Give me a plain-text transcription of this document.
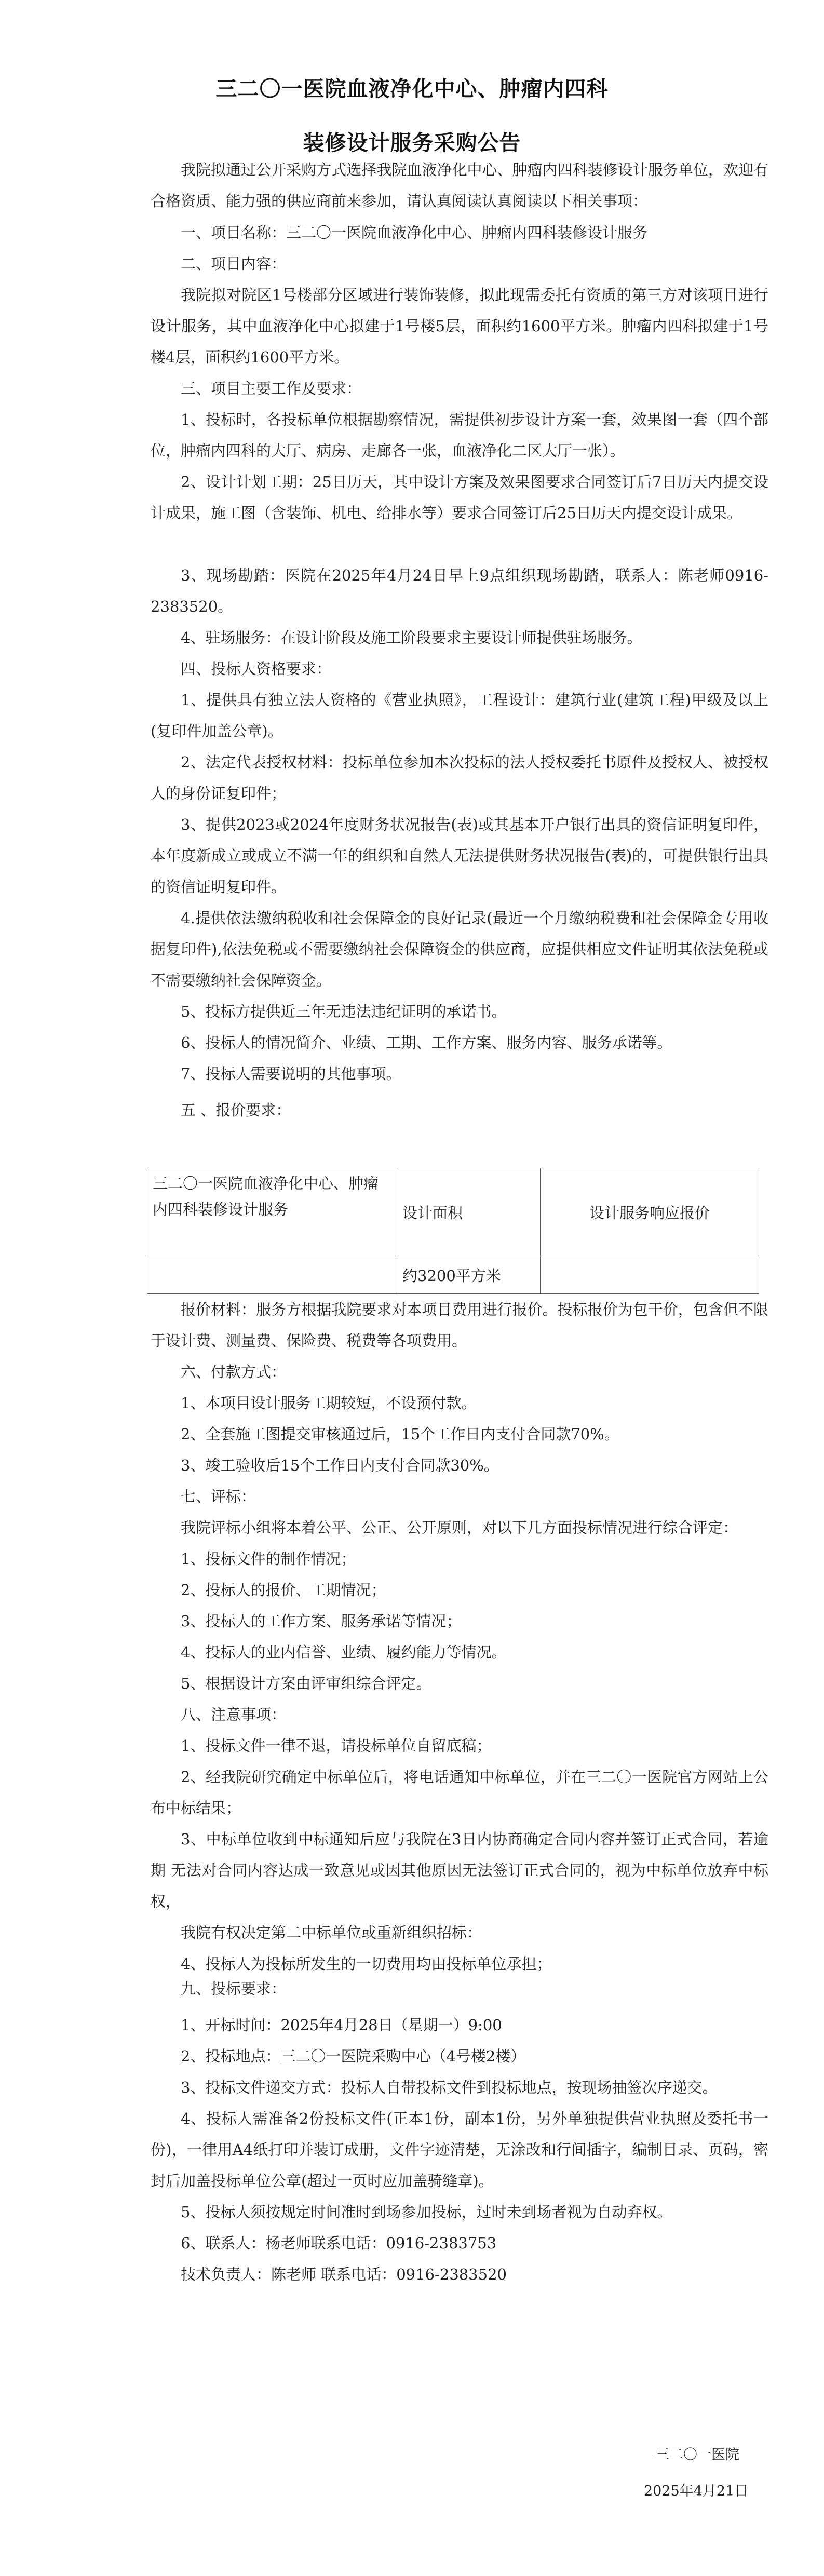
三二〇一医院血液净化中心、肿瘤内四科
装修设计服务采购公告
我院拟通过公开采购方式选择我院血液净化中心、肿瘤内四科装修设计服务单位，欢迎有合格资质、能力强的供应商前来参加，请认真阅读认真阅读以下相关事项：
一、项目名称：三二〇一医院血液净化中心、肿瘤内四科装修设计服务
二、项目内容：
我院拟对院区1号楼部分区域进行装饰装修，拟此现需委托有资质的第三方对该项目进行设计服务，其中血液净化中心拟建于1号楼5层，面积约1600平方米。肿瘤内四科拟建于1号楼4层，面积约1600平方米。
三、项目主要工作及要求：
1、投标时，各投标单位根据勘察情况，需提供初步设计方案一套，效果图一套（四个部位，肿瘤内四科的大厅、病房、走廊各一张，血液净化二区大厅一张）。
2、设计计划工期：25日历天，其中设计方案及效果图要求合同签订后7日历天内提交设计成果，施工图（含装饰、机电、给排水等）要求合同签订后25日历天内提交设计成果。
3、现场勘踏：医院在2025年4月24日早上9点组织现场勘踏，联系人：陈老师0916-2383520。
4、驻场服务：在设计阶段及施工阶段要求主要设计师提供驻场服务。
四、投标人资格要求：
1、提供具有独立法人资格的《营业执照》，工程设计：建筑行业(建筑工程)甲级及以上(复印件加盖公章)。
2、法定代表授权材料：投标单位参加本次投标的法人授权委托书原件及授权人、被授权人的身份证复印件；
3、提供2023或2024年度财务状况报告(表)或其基本开户银行出具的资信证明复印件，本年度新成立或成立不满一年的组织和自然人无法提供财务状况报告(表)的，可提供银行出具的资信证明复印件。
4.提供依法缴纳税收和社会保障金的良好记录(最近一个月缴纳税费和社会保障金专用收据复印件),依法免税或不需要缴纳社会保障资金的供应商，应提供相应文件证明其依法免税或不需要缴纳社会保障资金。
5、投标方提供近三年无违法违纪证明的承诺书。
6、投标人的情况简介、业绩、工期、工作方案、服务内容、服务承诺等。
7、投标人需要说明的其他事项。
五 、报价要求：
三二〇一医院血液净化中心、肿瘤内四科装修设计服务	设计面积	设计服务响应报价
	约3200平方米	
报价材料：服务方根据我院要求对本项目费用进行报价。投标报价为包干价，包含但不限于设计费、测量费、保险费、税费等各项费用。
六、付款方式：
1、本项目设计服务工期较短，不设预付款。
2、全套施工图提交审核通过后，15个工作日内支付合同款70%。
3、竣工验收后15个工作日内支付合同款30%。
七、评标：
我院评标小组将本着公平、公正、公开原则，对以下几方面投标情况进行综合评定：
1、投标文件的制作情况；
2、投标人的报价、工期情况；
3、投标人的工作方案、服务承诺等情况；
4、投标人的业内信誉、业绩、履约能力等情况。
5、根据设计方案由评审组综合评定。
八、注意事项：
1、投标文件一律不退，请投标单位自留底稿；
2、经我院研究确定中标单位后，将电话通知中标单位，并在三二〇一医院官方网站上公布中标结果；
3、中标单位收到中标通知后应与我院在3日内协商确定合同内容并签订正式合同，若逾期 无法对合同内容达成一致意见或因其他原因无法签订正式合同的，视为中标单位放弃中标权，
我院有权决定第二中标单位或重新组织招标：
4、投标人为投标所发生的一切费用均由投标单位承担；
九、投标要求：
1、开标时间：2025年4月28日（星期一）9:00
2、投标地点：三二〇一医院采购中心（4号楼2楼）
3、投标文件递交方式：投标人自带投标文件到投标地点，按现场抽签次序递交。
4、投标人需准备2份投标文件(正本1份，副本1份，另外单独提供营业执照及委托书一份)，一律用A4纸打印并装订成册，文件字迹清楚，无涂改和行间插字，编制目录、页码，密封后加盖投标单位公章(超过一页时应加盖骑缝章)。
5、投标人须按规定时间准时到场参加投标，过时未到场者视为自动弃权。
6、联系人：杨老师联系电话：0916-2383753
技术负责人：陈老师 联系电话：0916-2383520
三二〇一医院
2025年4月21日
